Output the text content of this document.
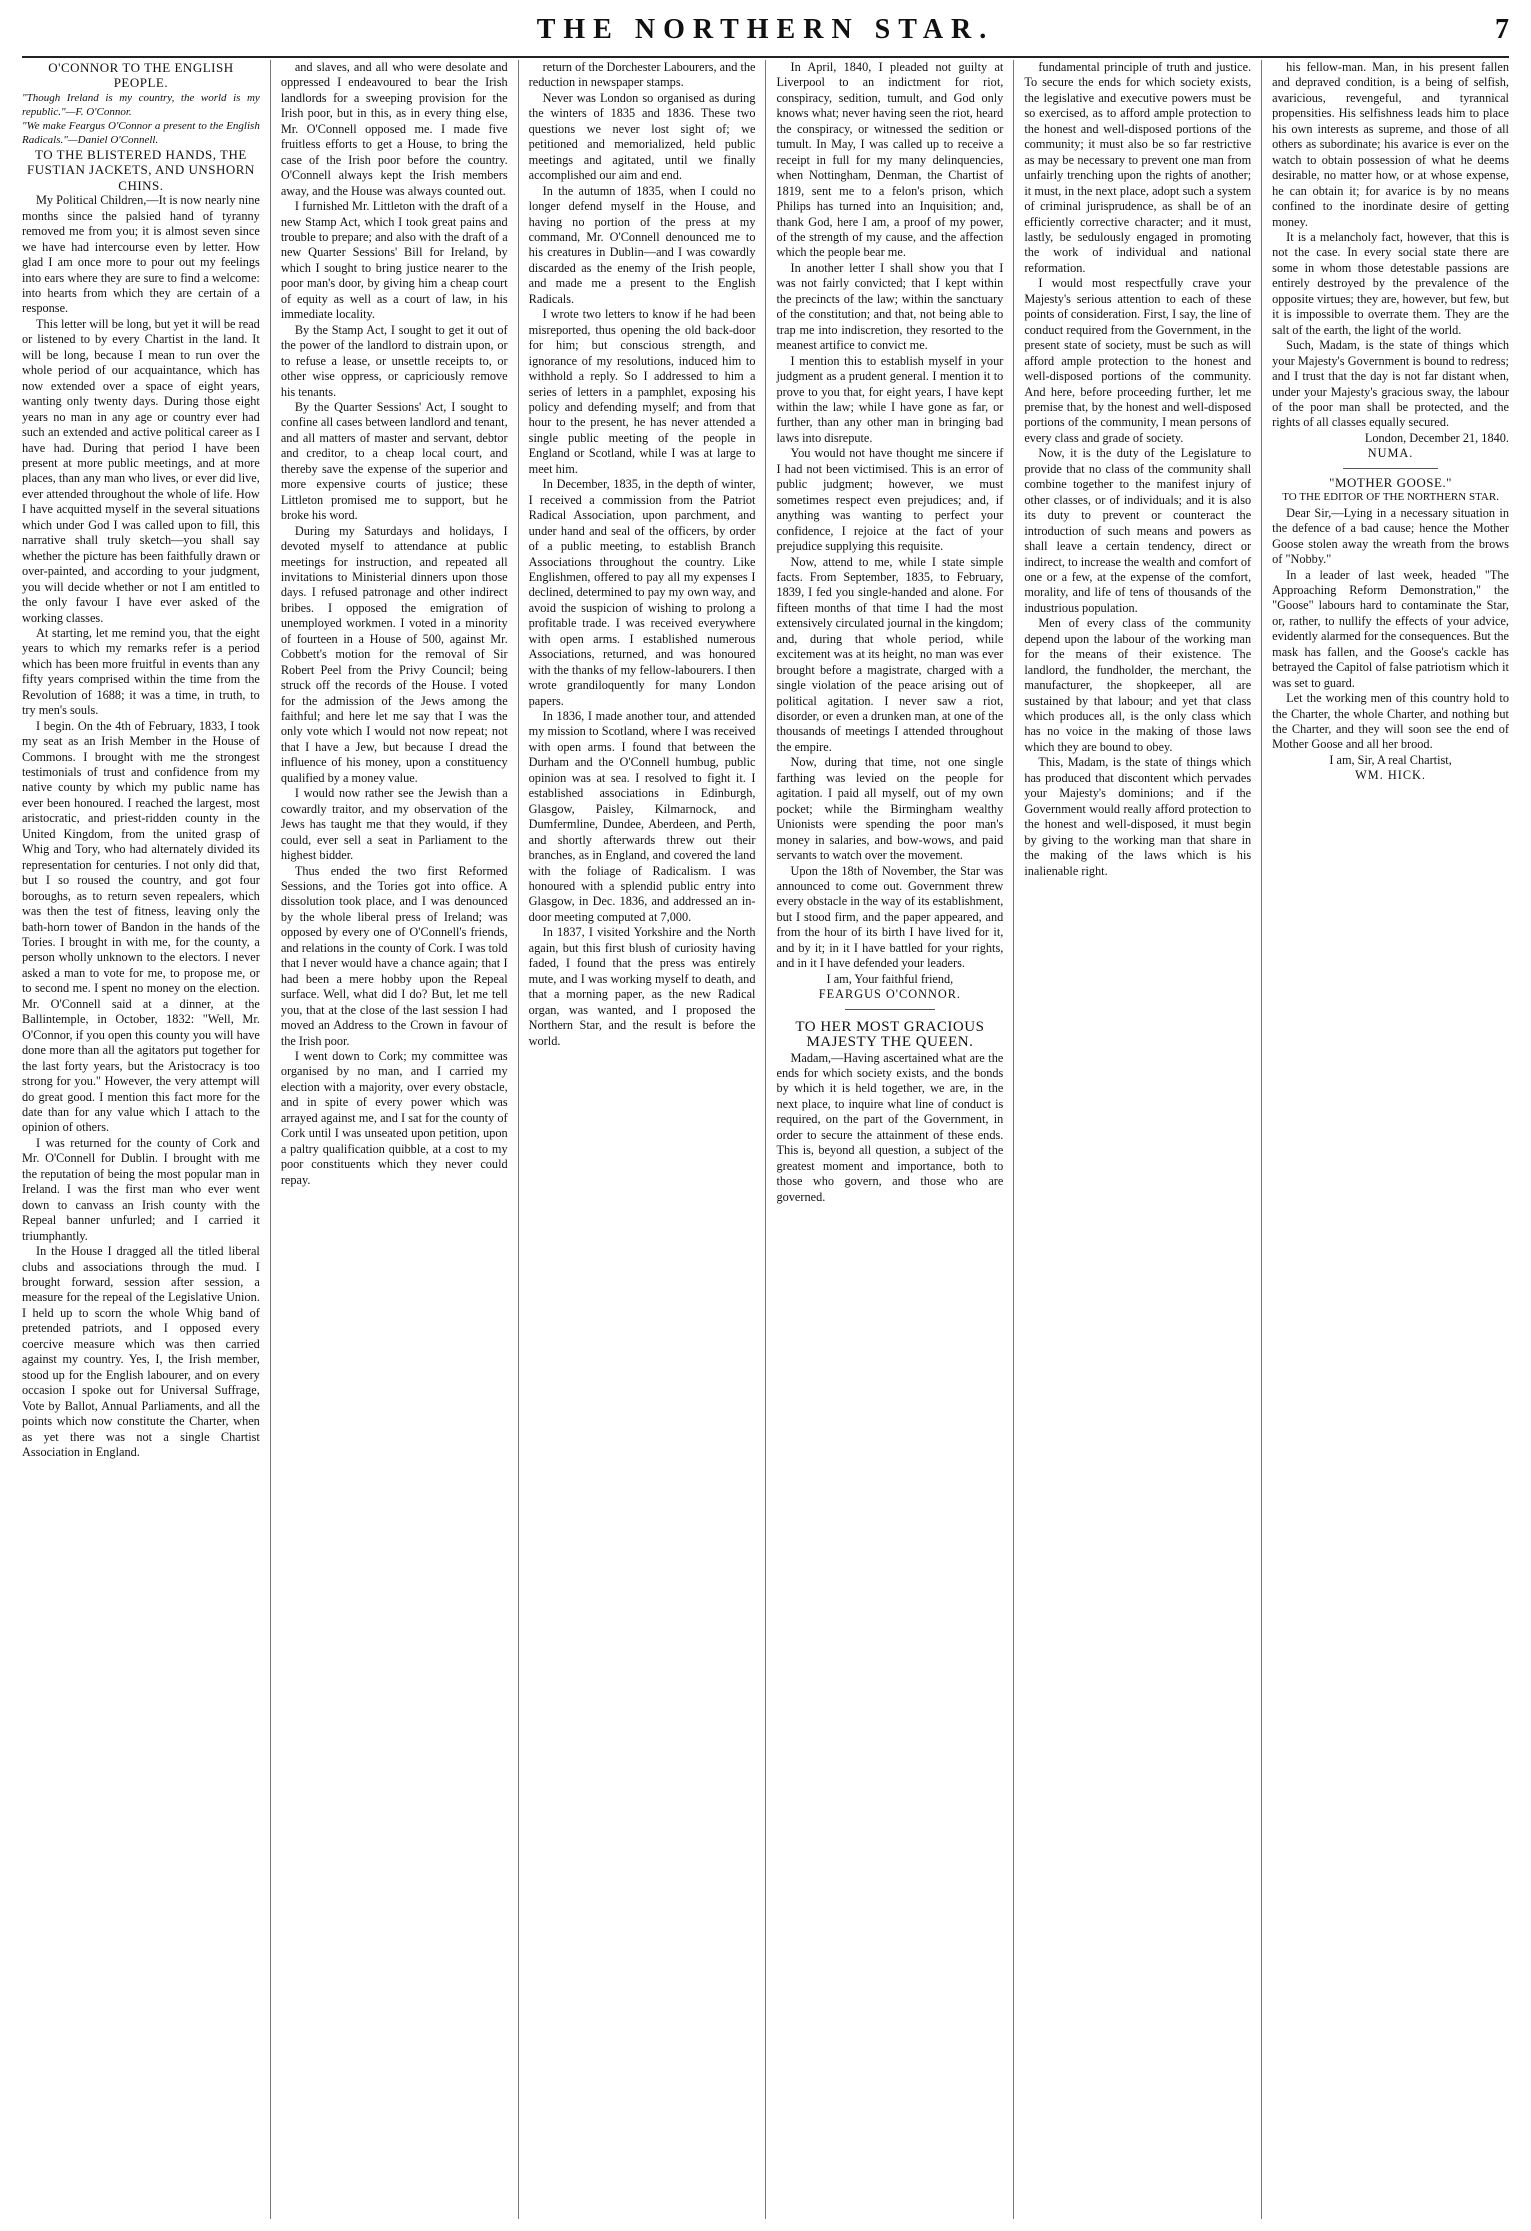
THE NORTHERN STAR.	7

O'CONNOR TO THE ENGLISH PEOPLE.

"Though Ireland is my country, the world is my republic."—F. O'Connor.

"We make Feargus O'Connor a present to the English Radicals."—Daniel O'Connell.

TO THE BLISTERED HANDS, THE FUSTIAN JACKETS, AND UNSHORN CHINS.

My Political Children,—It is now nearly nine months since the palsied hand of tyranny removed me from you; it is almost seven since we have had intercourse even by letter. How glad I am once more to pour out my feelings into ears where they are sure to find a welcome: into hearts from which they are certain of a response.

This letter will be long, but yet it will be read or listened to by every Chartist in the land. It will be long, because I mean to run over the whole period of our acquaintance, which has now extended over a space of eight years, wanting only twenty days. During those eight years no man in any age or country ever had such an extended and active political career as I have had. During that period I have been present at more public meetings, and at more places, than any man who lives, or ever did live, ever attended throughout the whole of life. How I have acquitted myself in the several situations which under God I was called upon to fill, this narrative shall truly sketch—you shall say whether the picture has been faithfully drawn or over-painted, and according to your judgment, you will decide whether or not I am entitled to the only favour I have ever asked of the working classes.

At starting, let me remind you, that the eight years to which my remarks refer is a period which has been more fruitful in events than any fifty years comprised within the time from the Revolution of 1688; it was a time, in truth, to try men's souls.

I begin. On the 4th of February, 1833, I took my seat as an Irish Member in the House of Commons. I brought with me the strongest testimonials of trust and confidence from my native county by which my public name has ever been honoured. I reached the largest, most aristocratic, and priest-ridden county in the United Kingdom, from the united grasp of Whig and Tory, who had alternately divided its representation for centuries. I not only did that, but I so roused the country, and got four boroughs, as to return seven repealers, which was then the test of fitness, leaving only the bath-horn tower of Bandon in the hands of the Tories. I brought in with me, for the county, a person wholly unknown to the electors. I never asked a man to vote for me, to propose me, or to second me. I spent no money on the election. Mr. O'Connell said at a dinner, at the Ballintemple, in October, 1832: "Well, Mr. O'Connor, if you open this county you will have done more than all the agitators put together for the last forty years, but the Aristocracy is too strong for you." However, the very attempt will do great good. I mention this fact more for the date than for any value which I attach to the opinion of others.

I was returned for the county of Cork and Mr. O'Connell for Dublin. I brought with me the reputation of being the most popular man in Ireland. I was the first man who ever went down to canvass an Irish county with the Repeal banner unfurled; and I carried it triumphantly.

In the House I dragged all the titled liberal clubs and associations through the mud. I brought forward, session after session, a measure for the repeal of the Legislative Union. I held up to scorn the whole Whig band of pretended patriots, and I opposed every coercive measure which was then carried against my country. Yes, I, the Irish member, stood up for the English labourer, and on every occasion I spoke out for Universal Suffrage, Vote by Ballot, Annual Parliaments, and all the points which now constitute the Charter, when as yet there was not a single Chartist Association in England.

and slaves, and all who were desolate and oppressed I endeavoured to bear the Irish landlords for a sweeping provision for the Irish poor, but in this, as in every thing else, Mr. O'Connell opposed me. I made five fruitless efforts to get a House, to bring the case of the Irish poor before the country. O'Connell always kept the Irish members away, and the House was always counted out.

I furnished Mr. Littleton with the draft of a new Stamp Act, which I took great pains and trouble to prepare; and also with the draft of a new Quarter Sessions' Bill for Ireland, by which I sought to bring justice nearer to the poor man's door, by giving him a cheap court of equity as well as a court of law, in his immediate locality.

By the Stamp Act, I sought to get it out of the power of the landlord to distrain upon, or to refuse a lease, or unsettle receipts to, or other wise oppress, or capriciously remove his tenants.

By the Quarter Sessions' Act, I sought to confine all cases between landlord and tenant, and all matters of master and servant, debtor and creditor, to a cheap local court, and thereby save the expense of the superior and more expensive courts of justice; these Littleton promised me to support, but he broke his word.

During my Saturdays and holidays, I devoted myself to attendance at public meetings for instruction, and repeated all invitations to Ministerial dinners upon those days. I refused patronage and other indirect bribes. I opposed the emigration of unemployed workmen. I voted in a minority of fourteen in a House of 500, against Mr. Cobbett's motion for the removal of Sir Robert Peel from the Privy Council; being struck off the records of the House. I voted for the admission of the Jews among the faithful; and here let me say that I was the only vote which I would not now repeat; not that I have a Jew, but because I dread the influence of his money, upon a constituency qualified by a money value.

I would now rather see the Jewish than a cowardly traitor, and my observation of the Jews has taught me that they would, if they could, ever sell a seat in Parliament to the highest bidder.

Thus ended the two first Reformed Sessions, and the Tories got into office. A dissolution took place, and I was denounced by the whole liberal press of Ireland; was opposed by every one of O'Connell's friends, and relations in the county of Cork. I was told that I never would have a chance again; that I had been a mere hobby upon the Repeal surface. Well, what did I do? But, let me tell you, that at the close of the last session I had moved an Address to the Crown in favour of the Irish poor.

I went down to Cork; my committee was organised by no man, and I carried my election with a majority, over every obstacle, and in spite of every power which was arrayed against me, and I sat for the county of Cork until I was unseated upon petition, upon a paltry qualification quibble, at a cost to my poor constituents which they never could repay.

return of the Dorchester Labourers, and the reduction in newspaper stamps.

Never was London so organised as during the winters of 1835 and 1836. These two questions we never lost sight of; we petitioned and memorialized, held public meetings and agitated, until we finally accomplished our aim and end.

In the autumn of 1835, when I could no longer defend myself in the House, and having no portion of the press at my command, Mr. O'Connell denounced me to his creatures in Dublin—and I was cowardly discarded as the enemy of the Irish people, and made me a present to the English Radicals.

I wrote two letters to know if he had been misreported, thus opening the old back-door for him; but conscious strength, and ignorance of my resolutions, induced him to withhold a reply. So I addressed to him a series of letters in a pamphlet, exposing his policy and defending myself; and from that hour to the present, he has never attended a single public meeting of the people in England or Scotland, while I was at large to meet him.

In December, 1835, in the depth of winter, I received a commission from the Patriot Radical Association, upon parchment, and under hand and seal of the officers, by order of a public meeting, to establish Branch Associations throughout the country. Like Englishmen, offered to pay all my expenses I declined, determined to pay my own way, and avoid the suspicion of wishing to prolong a profitable trade. I was received everywhere with open arms. I established numerous Associations, returned, and was honoured with the thanks of my fellow-labourers. I then wrote grandiloquently for many London papers.

In 1836, I made another tour, and attended my mission to Scotland, where I was received with open arms. I found that between the Durham and the O'Connell humbug, public opinion was at sea. I resolved to fight it. I established associations in Edinburgh, Glasgow, Paisley, Kilmarnock, and Dumfermline, Dundee, Aberdeen, and Perth, and shortly afterwards threw out their branches, as in England, and covered the land with the foliage of Radicalism. I was honoured with a splendid public entry into Glasgow, in Dec. 1836, and addressed an in-door meeting computed at 7,000.

In 1837, I visited Yorkshire and the North again, but this first blush of curiosity having faded, I found that the press was entirely mute, and I was working myself to death, and that a morning paper, as the new Radical organ, was wanted, and I proposed the Northern Star, and the result is before the world.

In April, 1840, I pleaded not guilty at Liverpool to an indictment for riot, conspiracy, sedition, tumult, and God only knows what; never having seen the riot, heard the conspiracy, or witnessed the sedition or tumult. In May, I was called up to receive a receipt in full for my many delinquencies, when Nottingham, Denman, the Chartist of 1819, sent me to a felon's prison, which Philips has turned into an Inquisition; and, thank God, here I am, a proof of my power, of the strength of my cause, and the affection which the people bear me.

In another letter I shall show you that I was not fairly convicted; that I kept within the precincts of the law; within the sanctuary of the constitution; and that, not being able to trap me into indiscretion, they resorted to the meanest artifice to convict me.

I mention this to establish myself in your judgment as a prudent general. I mention it to prove to you that, for eight years, I have kept within the law; while I have gone as far, or further, than any other man in bringing bad laws into disrepute.

You would not have thought me sincere if I had not been victimised. This is an error of public judgment; however, we must sometimes respect even prejudices; and, if anything was wanting to perfect your confidence, I rejoice at the fact of your prejudice supplying this requisite.

Now, attend to me, while I state simple facts. From September, 1835, to February, 1839, I fed you single-handed and alone. For fifteen months of that time I had the most extensively circulated journal in the kingdom; and, during that whole period, while excitement was at its height, no man was ever brought before a magistrate, charged with a single violation of the peace arising out of political agitation. I never saw a riot, disorder, or even a drunken man, at one of the thousands of meetings I attended throughout the empire.

Now, during that time, not one single farthing was levied on the people for agitation. I paid all myself, out of my own pocket; while the Birmingham wealthy Unionists were spending the poor man's money in salaries, and bow-wows, and paid servants to watch over the movement.

Upon the 18th of November, the Star was announced to come out. Government threw every obstacle in the way of its establishment, but I stood firm, and the paper appeared, and from the hour of its birth I have lived for it, and by it; in it I have battled for your rights, and in it I have defended your leaders.

I am, Your faithful friend,

FEARGUS O'CONNOR.

TO HER MOST GRACIOUS MAJESTY THE QUEEN.

Madam,—Having ascertained what are the ends for which society exists, and the bonds by which it is held together, we are, in the next place, to inquire what line of conduct is required, on the part of the Government, in order to secure the attainment of these ends. This is, beyond all question, a subject of the greatest moment and importance, both to those who govern, and those who are governed.

fundamental principle of truth and justice. To secure the ends for which society exists, the legislative and executive powers must be so exercised, as to afford ample protection to the honest and well-disposed portions of the community; it must also be so far restrictive as may be necessary to prevent one man from unfairly trenching upon the rights of another; it must, in the next place, adopt such a system of criminal jurisprudence, as shall be of an efficiently corrective character; and it must, lastly, be sedulously engaged in promoting the work of individual and national reformation.

I would most respectfully crave your Majesty's serious attention to each of these points of consideration. First, I say, the line of conduct required from the Government, in the present state of society, must be such as will afford ample protection to the honest and well-disposed portions of the community. And here, before proceeding further, let me premise that, by the honest and well-disposed portions of the community, I mean persons of every class and grade of society.

Now, it is the duty of the Legislature to provide that no class of the community shall combine together to the manifest injury of other classes, or of individuals; and it is also its duty to prevent or counteract the introduction of such means and powers as shall leave a certain tendency, direct or indirect, to increase the wealth and comfort of one or a few, at the expense of the comfort, morality, and life of tens of thousands of the industrious population.

Men of every class of the community depend upon the labour of the working man for the means of their existence. The landlord, the fundholder, the merchant, the manufacturer, the shopkeeper, all are sustained by that labour; and yet that class which produces all, is the only class which has no voice in the making of those laws which they are bound to obey.

This, Madam, is the state of things which has produced that discontent which pervades your Majesty's dominions; and if the Government would really afford protection to the honest and well-disposed, it must begin by giving to the working man that share in the making of the laws which is his inalienable right.

his fellow-man. Man, in his present fallen and depraved condition, is a being of selfish, avaricious, revengeful, and tyrannical propensities. His selfishness leads him to place his own interests as supreme, and those of all others as subordinate; his avarice is ever on the watch to obtain possession of what he deems desirable, no matter how, or at whose expense, he can obtain it; for avarice is by no means confined to the inordinate desire of getting money.

It is a melancholy fact, however, that this is not the case. In every social state there are some in whom those detestable passions are entirely destroyed by the prevalence of the opposite virtues; they are, however, but few, but it is impossible to overrate them. They are the salt of the earth, the light of the world.

Such, Madam, is the state of things which your Majesty's Government is bound to redress; and I trust that the day is not far distant when, under your Majesty's gracious sway, the labour of the poor man shall be protected, and the rights of all classes equally secured.

London, December 21, 1840.

NUMA.

"MOTHER GOOSE."

TO THE EDITOR OF THE NORTHERN STAR.

Dear Sir,—Lying in a necessary situation in the defence of a bad cause; hence the Mother Goose stolen away the wreath from the brows of "Nobby."

In a leader of last week, headed "The Approaching Reform Demonstration," the "Goose" labours hard to contaminate the Star, or, rather, to nullify the effects of your advice, evidently alarmed for the consequences. But the mask has fallen, and the Goose's cackle has betrayed the Capitol of false patriotism which it was set to guard.

Let the working men of this country hold to the Charter, the whole Charter, and nothing but the Charter, and they will soon see the end of Mother Goose and all her brood.

I am, Sir, A real Chartist,

WM. HICK.
